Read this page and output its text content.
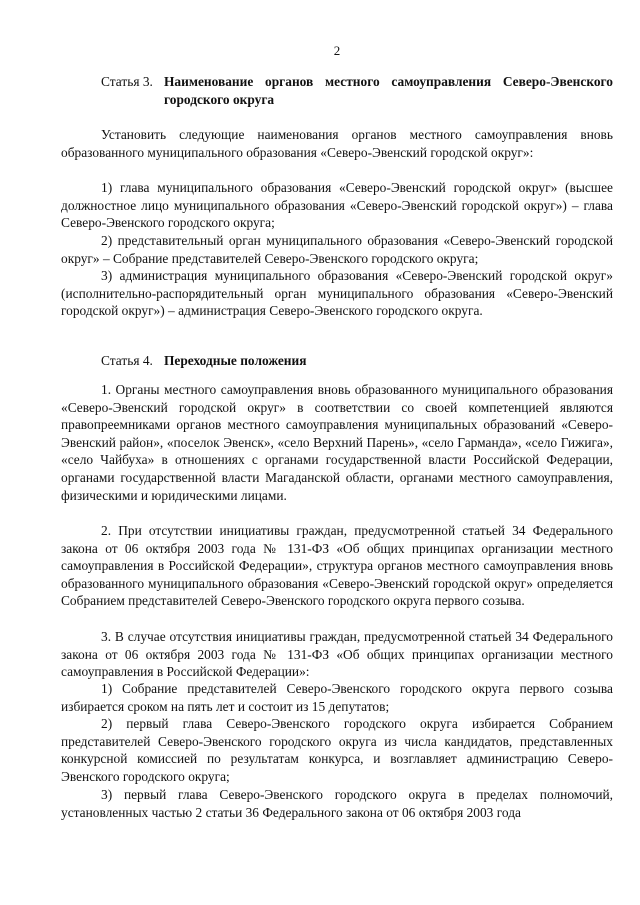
2
Статья 3. Наименование органов местного самоуправления Северо-Эвенского городского округа

Установить следующие наименования органов местного самоуправления вновь образованного муниципального образования «Северо-Эвенский городской округ»:

1) глава муниципального образования «Северо-Эвенский городской округ» (высшее должностное лицо муниципального образования «Северо-Эвенский городской округ») – глава Северо-Эвенского городского округа;

2) представительный орган муниципального образования «Северо-Эвенский городской округ» – Собрание представителей Северо-Эвенского городского округа;

3) администрация муниципального образования «Северо-Эвенский городской округ» (исполнительно-распорядительный орган муниципального образования «Северо-Эвенский городской округ») – администрация Северо-Эвенского городского округа.

Статья 4. Переходные положения

1. Органы местного самоуправления вновь образованного муниципального образования «Северо-Эвенский городской округ» в соответствии со своей компетенцией являются правопреемниками органов местного самоуправления муниципальных образований «Северо-Эвенский район», «поселок Эвенск», «село Верхний Парень», «село Гарманда», «село Гижига», «село Чайбуха» в отношениях с органами государственной власти Российской Федерации, органами государственной власти Магаданской области, органами местного самоуправления, физическими и юридическими лицами.

2. При отсутствии инициативы граждан, предусмотренной статьей 34 Федерального закона от 06 октября 2003 года № 131-ФЗ «Об общих принципах организации местного самоуправления в Российской Федерации», структура органов местного самоуправления вновь образованного муниципального образования «Северо-Эвенский городской округ» определяется Собранием представителей Северо-Эвенского городского округа первого созыва.

3. В случае отсутствия инициативы граждан, предусмотренной статьей 34 Федерального закона от 06 октября 2003 года № 131-ФЗ «Об общих принципах организации местного самоуправления в Российской Федерации»:

1) Собрание представителей Северо-Эвенского городского округа первого созыва избирается сроком на пять лет и состоит из 15 депутатов;

2) первый глава Северо-Эвенского городского округа избирается Собранием представителей Северо-Эвенского городского округа из числа кандидатов, представленных конкурсной комиссией по результатам конкурса, и возглавляет администрацию Северо-Эвенского городского округа;

3) первый глава Северо-Эвенского городского округа в пределах полномочий, установленных частью 2 статьи 36 Федерального закона от 06 октября 2003 года
